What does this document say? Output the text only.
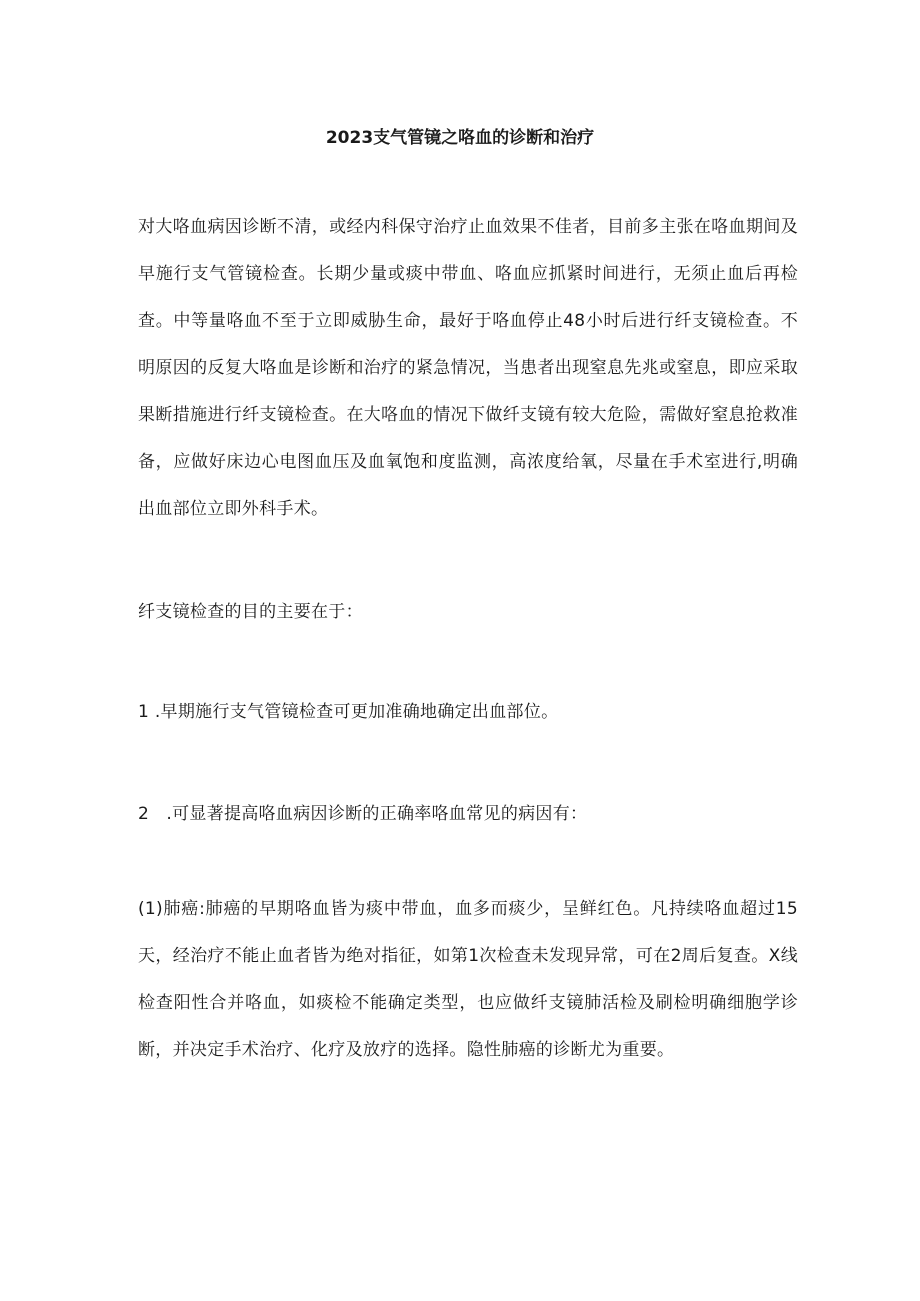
2023支气管镜之咯血的诊断和治疗

对大咯血病因诊断不清，或经内科保守治疗止血效果不佳者，目前多主张在咯血期间及早施行支气管镜检查。长期少量或痰中带血、咯血应抓紧时间进行，无须止血后再检查。中等量咯血不至于立即威胁生命，最好于咯血停止48小时后进行纤支镜检查。不明原因的反复大咯血是诊断和治疗的紧急情况，当患者出现窒息先兆或窒息，即应采取果断措施进行纤支镜检查。在大咯血的情况下做纤支镜有较大危险，需做好窒息抢救准备，应做好床边心电图血压及血氧饱和度监测，高浓度给氧，尽量在手术室进行,明确出血部位立即外科手术。

纤支镜检查的目的主要在于：

1 .早期施行支气管镜检查可更加准确地确定出血部位。

2　.可显著提高咯血病因诊断的正确率咯血常见的病因有：

(1)肺癌:肺癌的早期咯血皆为痰中带血，血多而痰少，呈鲜红色。凡持续咯血超过15天，经治疗不能止血者皆为绝对指征，如第1次检查未发现异常，可在2周后复查。X线检查阳性合并咯血，如痰检不能确定类型，也应做纤支镜肺活检及刷检明确细胞学诊断，并决定手术治疗、化疗及放疗的选择。隐性肺癌的诊断尤为重要。
